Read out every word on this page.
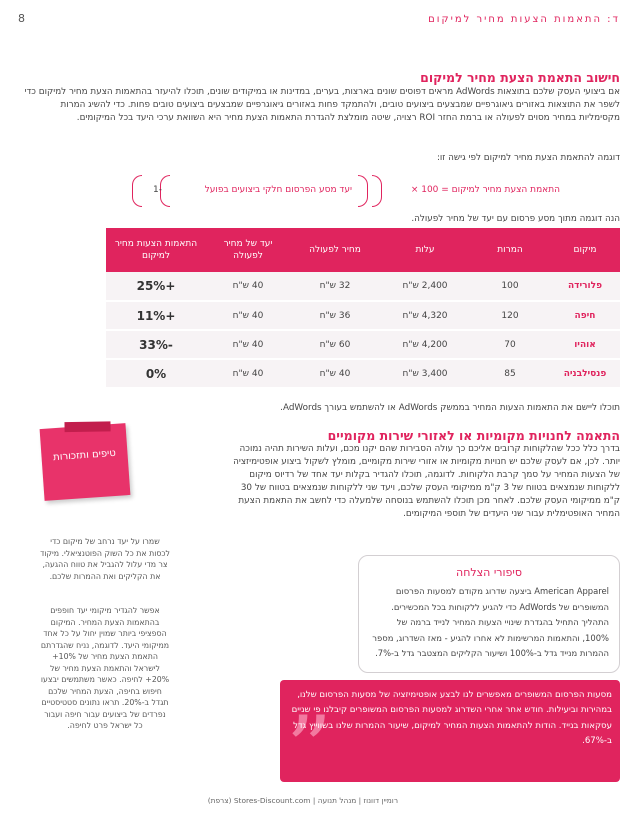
ד: התאמות הצעות מחיר למיקום
8
חישוב התאמת הצעת מחיר למיקום
אם ביצועי העסק שלכם בתוצאות AdWords מראים דפוסים שונים בארצות, בערים, במדינות או במיקודים שונים, תוכלו להיעזר בהתאמות הצעת מחיר למיקום כדי לשפר את התוצאות באזורים גיאוגרפיים שמבצעים ביצועים טובים, ולהתמקד פחות באזורים גיאוגרפיים שמבצעים ביצועים טובים פחות. כדי להשיג המרות מקסימליות במחיר מסוים לפעולה או ברמת החזר ROI רצויה, שיטה מומלצת להגדרת התאמות הצעת מחיר היא השוואת ערכי היעד בכל המיקומים.
דוגמה להתאמת הצעת מחיר למיקום לפי גישה זו:
התאמת הצעת מחיר למיקום = 100 ×
יעד מסע הפרסום חלקי ביצועים בפועל
-1
הנה דוגמה מתוך מסע פרסום עם יעד של מחיר לפעולה.
מיקום	המרות	עלות	מחיר לפעולה	יעד של מחיר לפעולה	התאמות הצעות מחיר למיקום
פלורידה	100	2,400 ש"ח	32 ש"ח	40 ש"ח	+25%
חיפה	120	4,320 ש"ח	36 ש"ח	40 ש"ח	+11%
אוהיו	70	4,200 ש"ח	60 ש"ח	40 ש"ח	-33%
פנסילבניה	85	3,400 ש"ח	40 ש"ח	40 ש"ח	0%
תוכלו ליישם את התאמות הצעות המחיר בממשק AdWords או להשתמש בעורך AdWords.
התאמה לחנויות מקומיות או לאזורי שירות מקומיים
בדרך כלל ככל שהלקוחות קרובים אליכם כך עולה הסבירות שהם יקנו מכם, ועלות השירות תהיה נמוכה יותר. לכן, אם לעסק שלכם יש חנויות מקומיות או אזורי שירות מקומיים, מומלץ לשקול ביצוע אופטימיזציה של הצעות המחיר על סמך קרבת הלקוחות. לדוגמה, תוכלו להגדיר בקלות יעד אחד של רדיוס מיקום ללקוחות שנמצאים בטווח של 3 ק"מ ממיקומי העסק שלכם, ויעד שני ללקוחות שנמצאים בטווח של 30 ק"מ ממיקומי העסק שלכם. לאחר מכן תוכלו להשתמש בנוסחה שלמעלה כדי לחשב את התאמת הצעת המחיר האופטימלית עבור שני היעדים של תוספי המיקומים.
טיפים ותזכורות
שמרו על יעד נרחב של מיקום כדי לכסות את כל השוק הפוטנציאלי. מיקוד צר מדי עלול להגביל את טווח ההגעה, את הקליקים ואת ההמרות שלכם.
אפשר להגדיר מיקומי יעד חופפים בהתאמות הצעת המחיר. המיקום הספציפי ביותר שמוין יחול על כל אחד ממיקומי היעד. לדוגמה, נניח שהגדרתם התאמת הצעת מחיר של 10%+ לישראל והתאמת הצעת מחיר של 20%+ לחיפה. כאשר משתמשים יבצעו חיפוש בחיפה, הצעת המחיר שלכם תגדל ב-20%. תראו נתונים סטטיסטיים נפרדים של ביצועים עבור חיפה ועבור כל ישראל פרט לחיפה.
סיפורי הצלחה
American Apparel ביצעה שדרוג מקודם למסעות הפרסום המשופרים של AdWords כדי להגיע ללקוחות בכל המכשירים. התהליך התחיל בהגדרת שינויי הצעות המחיר לנייד ברמה של 100%, והתאמות המרשימות לא אחרו להגיע - מאז השדרוג, מספר ההמרות מנייד גדל ב-100% ושיעור הקליקים המצטבר גדל ב-7%.
”
מסעות הפרסום המשופרים מאפשרים לנו לבצע אופטימיזציה של מסעות הפרסום שלנו, במהירות וביעילות. חודש אחר אחרי השדרוג למסעות הפרסום המשופרים קיבלנו פי שניים עסקאות בנייד. הודות להתאמות הצעות המחיר למיקום, שיעור ההמרות שלנו בשווייץ גדל ב-67%.
רומיין דוונוז | מנהל תנועה | Stores-Discount.com (צרפת)
